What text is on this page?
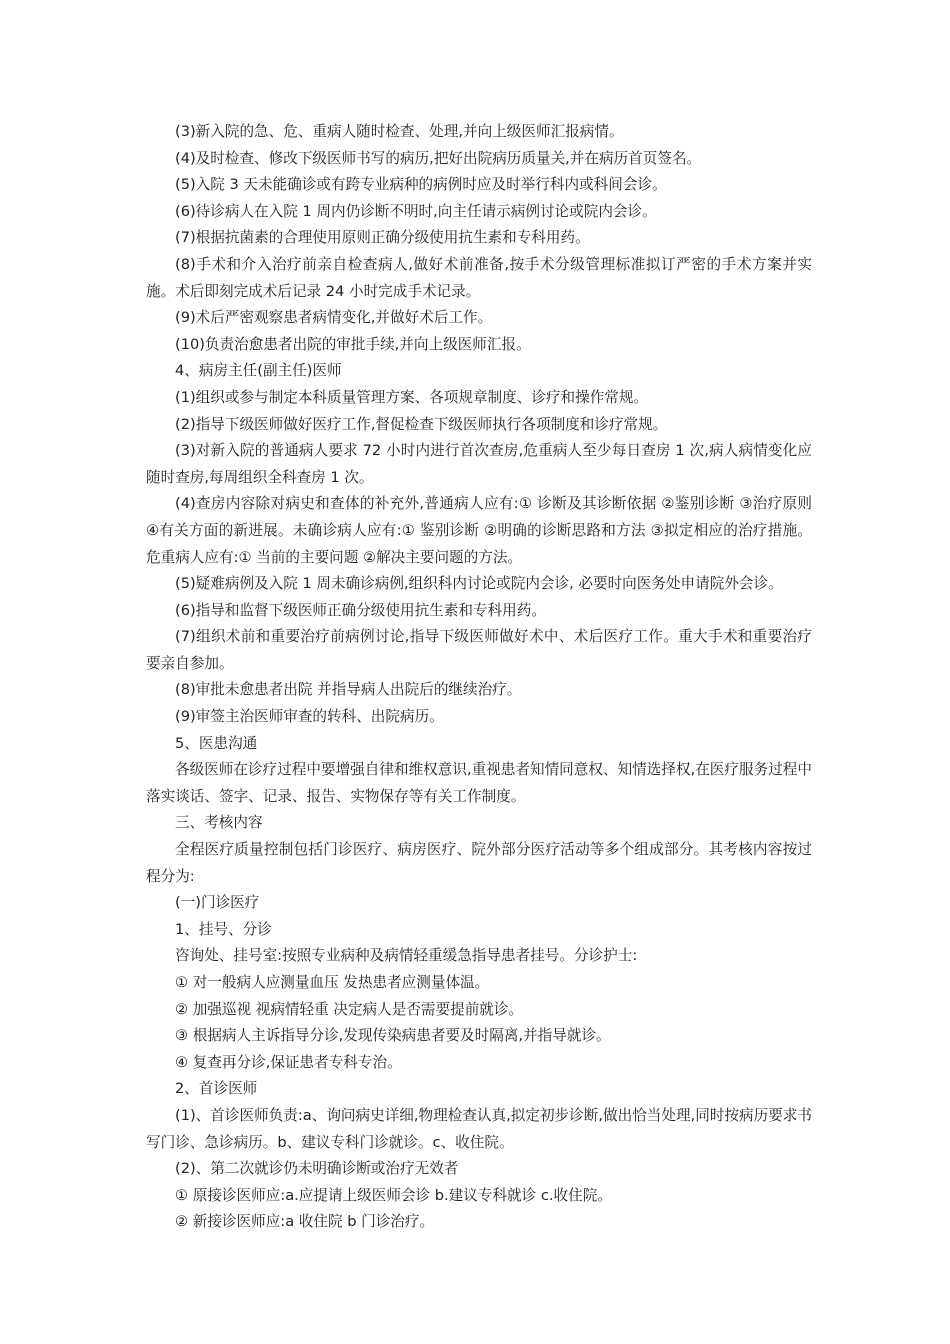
(3)新入院的急、危、重病人随时检查、处理,并向上级医师汇报病情。

(4)及时检查、修改下级医师书写的病历,把好出院病历质量关,并在病历首页签名。

(5)入院 3 天未能确诊或有跨专业病种的病例时应及时举行科内或科间会诊。

(6)待诊病人在入院 1 周内仍诊断不明时,向主任请示病例讨论或院内会诊。

(7)根据抗菌素的合理使用原则正确分级使用抗生素和专科用药。

(8)手术和介入治疗前亲自检查病人,做好术前准备,按手术分级管理标准拟订严密的手术方案并实施。术后即刻完成术后记录 24 小时完成手术记录。

(9)术后严密观察患者病情变化,并做好术后工作。

(10)负责治愈患者出院的审批手续,并向上级医师汇报。

4、病房主任(副主任)医师

(1)组织或参与制定本科质量管理方案、各项规章制度、诊疗和操作常规。

(2)指导下级医师做好医疗工作,督促检查下级医师执行各项制度和诊疗常规。

(3)对新入院的普通病人要求 72 小时内进行首次查房,危重病人至少每日查房 1 次,病人病情变化应随时查房,每周组织全科查房 1 次。

(4)查房内容除对病史和查体的补充外,普通病人应有:① 诊断及其诊断依据 ②鉴别诊断 ③治疗原则 ④有关方面的新进展。未确诊病人应有:① 鉴别诊断 ②明确的诊断思路和方法 ③拟定相应的治疗措施。危重病人应有:① 当前的主要问题 ②解决主要问题的方法。

(5)疑难病例及入院 1 周未确诊病例,组织科内讨论或院内会诊, 必要时向医务处申请院外会诊。

(6)指导和监督下级医师正确分级使用抗生素和专科用药。

(7)组织术前和重要治疗前病例讨论,指导下级医师做好术中、术后医疗工作。重大手术和重要治疗要亲自参加。

(8)审批未愈患者出院 并指导病人出院后的继续治疗。

(9)审签主治医师审查的转科、出院病历。

5、医患沟通

各级医师在诊疗过程中要增强自律和维权意识,重视患者知情同意权、知情选择权,在医疗服务过程中落实谈话、签字、记录、报告、实物保存等有关工作制度。

三、考核内容

全程医疗质量控制包括门诊医疗、病房医疗、院外部分医疗活动等多个组成部分。其考核内容按过程分为:

(一)门诊医疗

1、挂号、分诊

咨询处、挂号室:按照专业病种及病情轻重缓急指导患者挂号。分诊护士:

① 对一般病人应测量血压 发热患者应测量体温。

② 加强巡视 视病情轻重 决定病人是否需要提前就诊。

③ 根据病人主诉指导分诊,发现传染病患者要及时隔离,并指导就诊。

④ 复查再分诊,保证患者专科专治。

2、首诊医师

(1)、首诊医师负责:a、询问病史详细,物理检查认真,拟定初步诊断,做出恰当处理,同时按病历要求书写门诊、急诊病历。b、建议专科门诊就诊。c、收住院。

(2)、第二次就诊仍未明确诊断或治疗无效者

① 原接诊医师应:a.应提请上级医师会诊 b.建议专科就诊 c.收住院。

② 新接诊医师应:a 收住院 b 门诊治疗。
